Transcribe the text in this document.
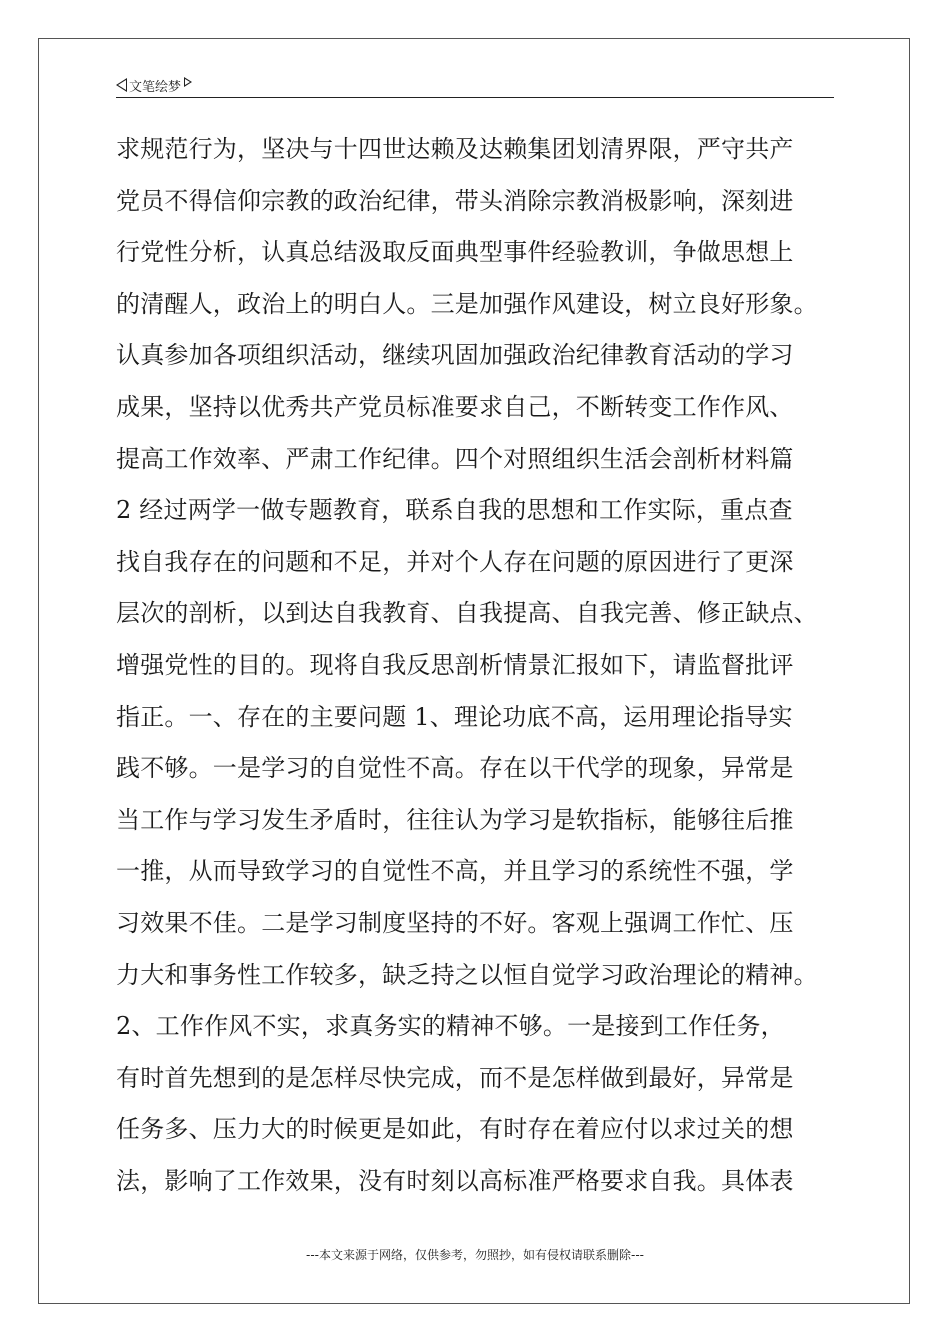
文笔绘梦
求规范行为，坚决与十四世达赖及达赖集团划清界限，严守共产
党员不得信仰宗教的政治纪律，带头消除宗教消极影响，深刻进
行党性分析，认真总结汲取反面典型事件经验教训，争做思想上
的清醒人，政治上的明白人。三是加强作风建设，树立良好形象。
认真参加各项组织活动，继续巩固加强政治纪律教育活动的学习
成果，坚持以优秀共产党员标准要求自己，不断转变工作作风、
提高工作效率、严肃工作纪律。四个对照组织生活会剖析材料篇
2 经过两学一做专题教育，联系自我的思想和工作实际，重点查
找自我存在的问题和不足，并对个人存在问题的原因进行了更深
层次的剖析，以到达自我教育、自我提高、自我完善、修正缺点、
增强党性的目的。现将自我反思剖析情景汇报如下，请监督批评
指正。一、存在的主要问题 1、理论功底不高，运用理论指导实
践不够。一是学习的自觉性不高。存在以干代学的现象，异常是
当工作与学习发生矛盾时，往往认为学习是软指标，能够往后推
一推，从而导致学习的自觉性不高，并且学习的系统性不强，学
习效果不佳。二是学习制度坚持的不好。客观上强调工作忙、压
力大和事务性工作较多，缺乏持之以恒自觉学习政治理论的精神。
2、工作作风不实，求真务实的精神不够。一是接到工作任务，
有时首先想到的是怎样尽快完成，而不是怎样做到最好，异常是
任务多、压力大的时候更是如此，有时存在着应付以求过关的想
法，影响了工作效果，没有时刻以高标准严格要求自我。具体表
---本文来源于网络，仅供参考，勿照抄，如有侵权请联系删除---
